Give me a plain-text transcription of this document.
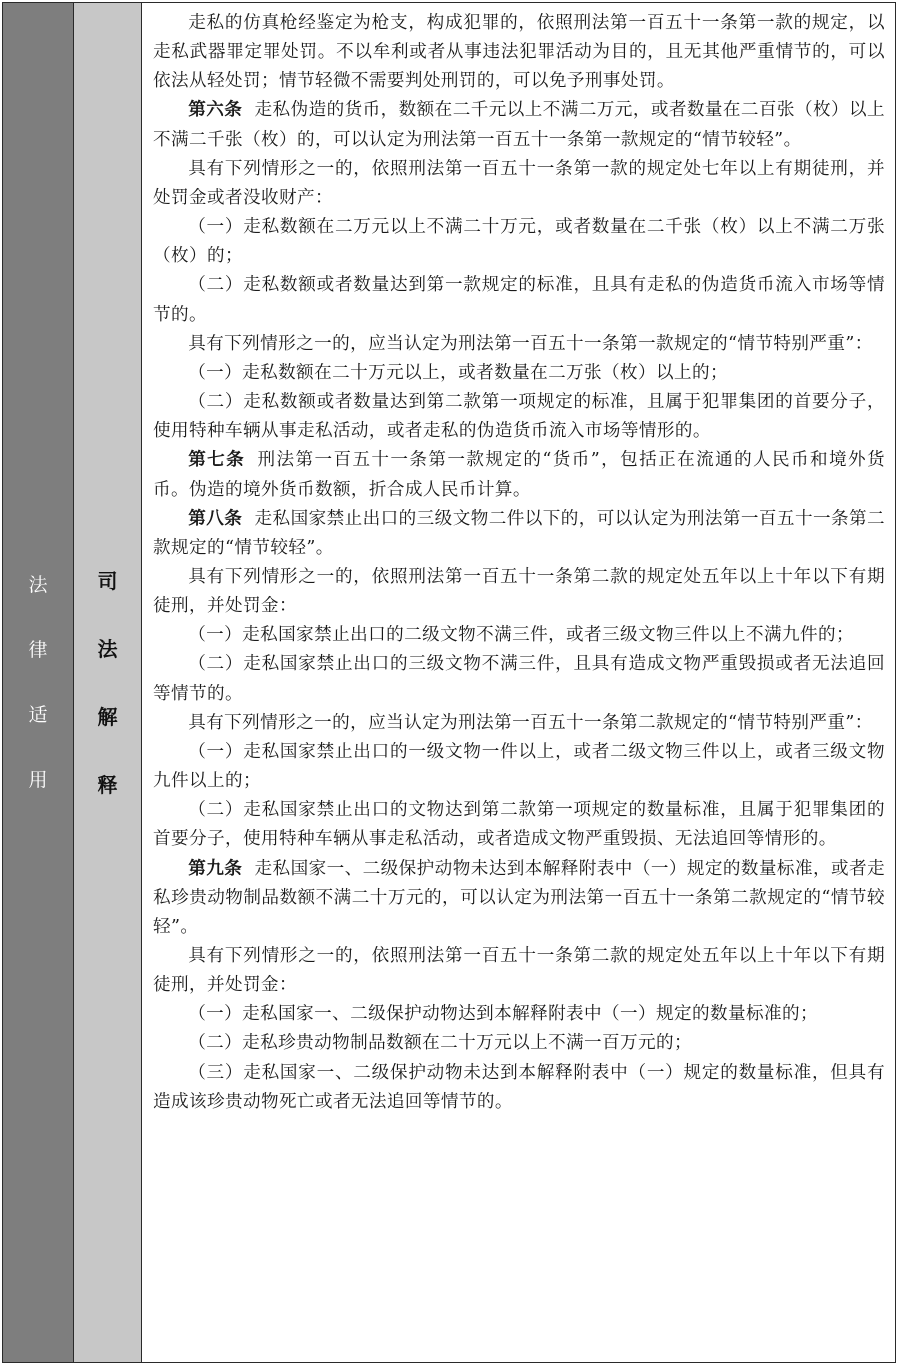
法
律
适
用
司
法
解
释

走私的仿真枪经鉴定为枪支，构成犯罪的，依照刑法第一百五十一条第一款的规定，以走私武器罪定罪处罚。不以牟利或者从事违法犯罪活动为目的，且无其他严重情节的，可以依法从轻处罚；情节轻微不需要判处刑罚的，可以免予刑事处罚。

第六条 走私伪造的货币，数额在二千元以上不满二万元，或者数量在二百张（枚）以上不满二千张（枚）的，可以认定为刑法第一百五十一条第一款规定的“情节较轻”。

具有下列情形之一的，依照刑法第一百五十一条第一款的规定处七年以上有期徒刑，并处罚金或者没收财产：

（一）走私数额在二万元以上不满二十万元，或者数量在二千张（枚）以上不满二万张（枚）的；

（二）走私数额或者数量达到第一款规定的标准，且具有走私的伪造货币流入市场等情节的。

具有下列情形之一的，应当认定为刑法第一百五十一条第一款规定的“情节特别严重”：

（一）走私数额在二十万元以上，或者数量在二万张（枚）以上的；

（二）走私数额或者数量达到第二款第一项规定的标准，且属于犯罪集团的首要分子，使用特种车辆从事走私活动，或者走私的伪造货币流入市场等情形的。

第七条 刑法第一百五十一条第一款规定的“货币”，包括正在流通的人民币和境外货币。伪造的境外货币数额，折合成人民币计算。

第八条 走私国家禁止出口的三级文物二件以下的，可以认定为刑法第一百五十一条第二款规定的“情节较轻”。

具有下列情形之一的，依照刑法第一百五十一条第二款的规定处五年以上十年以下有期徒刑，并处罚金：

（一）走私国家禁止出口的二级文物不满三件，或者三级文物三件以上不满九件的；

（二）走私国家禁止出口的三级文物不满三件，且具有造成文物严重毁损或者无法追回等情节的。

具有下列情形之一的，应当认定为刑法第一百五十一条第二款规定的“情节特别严重”：

（一）走私国家禁止出口的一级文物一件以上，或者二级文物三件以上，或者三级文物九件以上的；

（二）走私国家禁止出口的文物达到第二款第一项规定的数量标准，且属于犯罪集团的首要分子，使用特种车辆从事走私活动，或者造成文物严重毁损、无法追回等情形的。

第九条 走私国家一、二级保护动物未达到本解释附表中（一）规定的数量标准，或者走私珍贵动物制品数额不满二十万元的，可以认定为刑法第一百五十一条第二款规定的“情节较轻”。

具有下列情形之一的，依照刑法第一百五十一条第二款的规定处五年以上十年以下有期徒刑，并处罚金：

（一）走私国家一、二级保护动物达到本解释附表中（一）规定的数量标准的；

（二）走私珍贵动物制品数额在二十万元以上不满一百万元的；

（三）走私国家一、二级保护动物未达到本解释附表中（一）规定的数量标准，但具有造成该珍贵动物死亡或者无法追回等情节的。
